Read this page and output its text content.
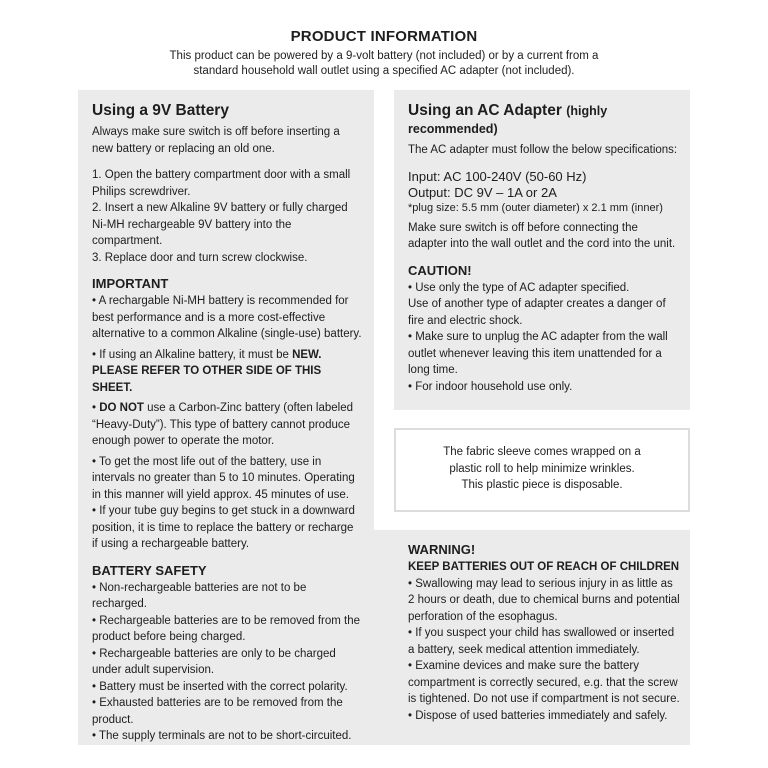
PRODUCT INFORMATION

This product can be powered by a 9-volt battery (not included) or by a current from a

standard household wall outlet using a specified AC adapter (not included).

Using a 9V Battery

Always make sure switch is off before inserting a new battery or replacing an old one.

1. Open the battery compartment door with a small Philips screwdriver.

2. Insert a new Alkaline 9V battery or fully charged Ni-MH rechargeable 9V battery into the compartment.

3. Replace door and turn screw clockwise.

IMPORTANT

• A rechargable Ni-MH battery is recommended for best performance and is a more cost-effective alternative to a common Alkaline (single-use) battery.

• If using an Alkaline battery, it must be NEW.
PLEASE REFER TO OTHER SIDE OF THIS SHEET.

• DO NOT use a Carbon-Zinc battery (often labeled “Heavy-Duty”). This type of battery cannot produce enough power to operate the motor.

• To get the most life out of the battery, use in intervals no greater than 5 to 10 minutes. Operating in this manner will yield approx. 45 minutes of use.

• If your tube guy begins to get stuck in a downward position, it is time to replace the battery or recharge if using a rechargeable battery.

BATTERY SAFETY

• Non-rechargeable batteries are not to be recharged.

• Rechargeable batteries are to be removed from the product before being charged.

• Rechargeable batteries are only to be charged under adult supervision.

• Battery must be inserted with the correct polarity.

• Exhausted batteries are to be removed from the product.

• The supply terminals are not to be short-circuited.

Using an AC Adapter (highly recommended)

The AC adapter must follow the below specifications:

Input: AC 100-240V (50-60 Hz)

Output: DC 9V – 1A or 2A

*plug size: 5.5 mm (outer diameter) x 2.1 mm (inner)

Make sure switch is off before connecting the adapter into the wall outlet and the cord into the unit.

CAUTION!

• Use only the type of AC adapter specified.

Use of another type of adapter creates a danger of fire and electric shock.

• Make sure to unplug the AC adapter from the wall outlet whenever leaving this item unattended for a long time.

• For indoor household use only.

The fabric sleeve comes wrapped on a

plastic roll to help minimize wrinkles.

This plastic piece is disposable.

WARNING!

KEEP BATTERIES OUT OF REACH OF CHILDREN

• Swallowing may lead to serious injury in as little as 2 hours or death, due to chemical burns and potential perforation of the esophagus.

• If you suspect your child has swallowed or inserted a battery, seek medical attention immediately.

• Examine devices and make sure the battery compartment is correctly secured, e.g. that the screw is tightened. Do not use if compartment is not secure.

• Dispose of used batteries immediately and safely.
